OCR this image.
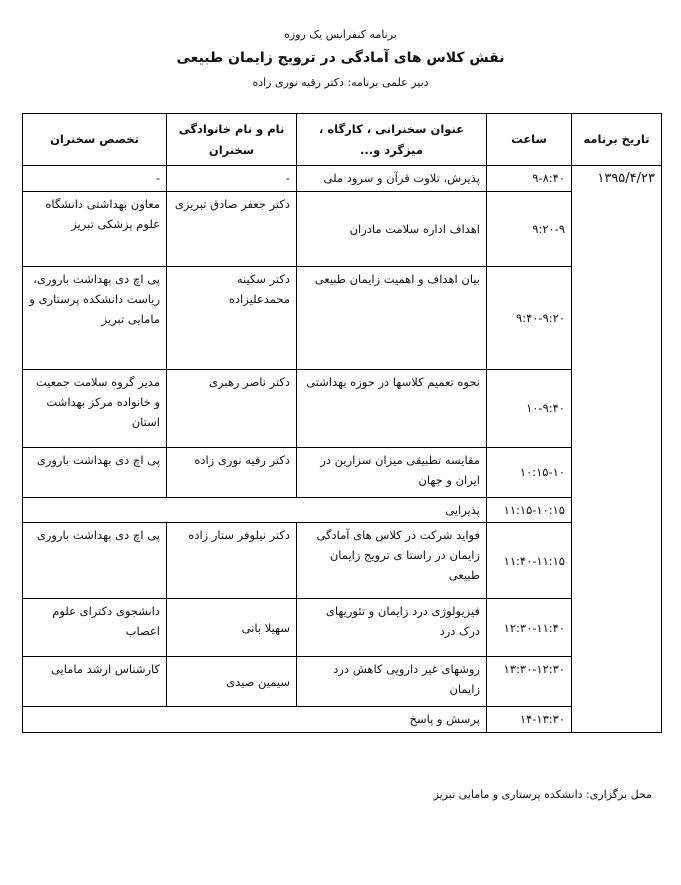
برنامه کنفرانس یک روزه
نقش کلاس های آمادگی در ترویج زایمان طبیعی
دبیر علمی برنامه: دکتر رقیه نوری زاده
تاریخ برنامه	ساعت	عنوان سخنرانی ، کارگاه ، میزگرد و...	نام و نام خانوادگی سخنران	تخصص سخنران
۱۳۹۵/۴/۲۳	۹-۸:۴۰	پذیرش، تلاوت قرآن و سرود ملی	-	-
	۹:۲۰-۹	اهداف اداره سلامت مادران	دکتر جعفر صادق تبریزی	معاون بهداشتی دانشگاه علوم پزشکی تبریز
	۹:۴۰-۹:۲۰	بیان اهداف و اهمیت زایمان طبیعی	دکتر سکینه محمدعلیزاده	پی اچ دی بهداشت باروری، ریاست دانشکده پرستاری و مامایی تبریز
	۱۰-۹:۴۰	نحوه تعمیم کلاسها در حوزه بهداشتی	دکتر ناصر رهبری	مدیر گروه سلامت جمعیت و خانواده مرکز بهداشت استان
	۱۰:۱۵-۱۰	مقایسه تطبیقی میزان سزارین در ایران و جهان	دکتر رقیه نوری زاده	پی اچ دی بهداشت باروری
	۱۱:۱۵-۱۰:۱۵	پذیرایی		
	۱۱:۴۰-۱۱:۱۵	فواید شرکت در کلاس های آمادگی زایمان در راستا ی ترویج زایمان طبیعی	دکتر نیلوفر ستار زاده	پی اچ دی بهداشت باروری
	۱۲:۳۰-۱۱:۴۰	فیزیولوژی درد زایمان و تئوریهای درک درد	سهیلا بانی	دانشجوی دکترای علوم اعصاب
	۱۳:۳۰-۱۲:۳۰	روشهای غیر دارویی کاهش درد زایمان	سیمین صیدی	کارشناس ارشد مامایی
	۱۴-۱۳:۳۰	پرسش و پاسخ		
محل برگزاری: دانشکده پرستاری و مامایی تبریز
